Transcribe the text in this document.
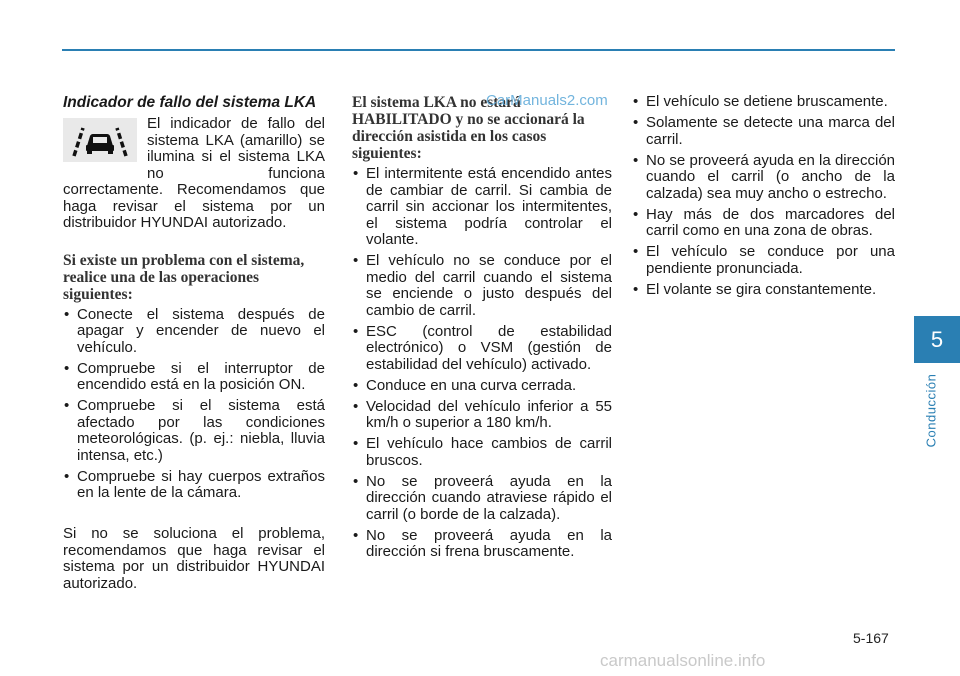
Indicador de fallo del sistema LKA

El indicador de fallo del sistema LKA (amarillo) se ilumina si el sistema LKA no funciona correctamente. Recomendamos que haga revisar el sistema por un distribuidor HYUNDAI autorizado.

Si existe un problema con el sistema, realice una de las operaciones siguientes:
• Conecte el sistema después de apagar y encender de nuevo el vehículo.
• Compruebe si el interruptor de encendido está en la posición ON.
• Compruebe si el sistema está afectado por las condiciones meteorológicas. (p. ej.: niebla, lluvia intensa, etc.)
• Compruebe si hay cuerpos extraños en la lente de la cámara.

Si no se soluciona el problema, recomendamos que haga revisar el sistema por un distribuidor HYUNDAI autorizado.

El sistema LKA no estará HABILITADO y no se accionará la dirección asistida en los casos siguientes:
• El intermitente está encendido antes de cambiar de carril. Si cambia de carril sin accionar los intermitentes, el sistema podría controlar el volante.
• El vehículo no se conduce por el medio del carril cuando el sistema se enciende o justo después del cambio de carril.
• ESC (control de estabilidad electrónico) o VSM (gestión de estabilidad del vehículo) activado.
• Conduce en una curva cerrada.
• Velocidad del vehículo inferior a 55 km/h o superior a 180 km/h.
• El vehículo hace cambios de carril bruscos.
• No se proveerá ayuda en la dirección cuando atraviese rápido el carril (o borde de la calzada).
• No se proveerá ayuda en la dirección si frena bruscamente.
• El vehículo se detiene bruscamente.
• Solamente se detecte una marca del carril.
• No se proveerá ayuda en la dirección cuando el carril (o ancho de la calzada) sea muy ancho o estrecho.
• Hay más de dos marcadores del carril como en una zona de obras.
• El vehículo se conduce por una pendiente pronunciada.
• El volante se gira constantemente.
5
Conducción
5-167
CarManuals2.com
carmanualsonline.info
